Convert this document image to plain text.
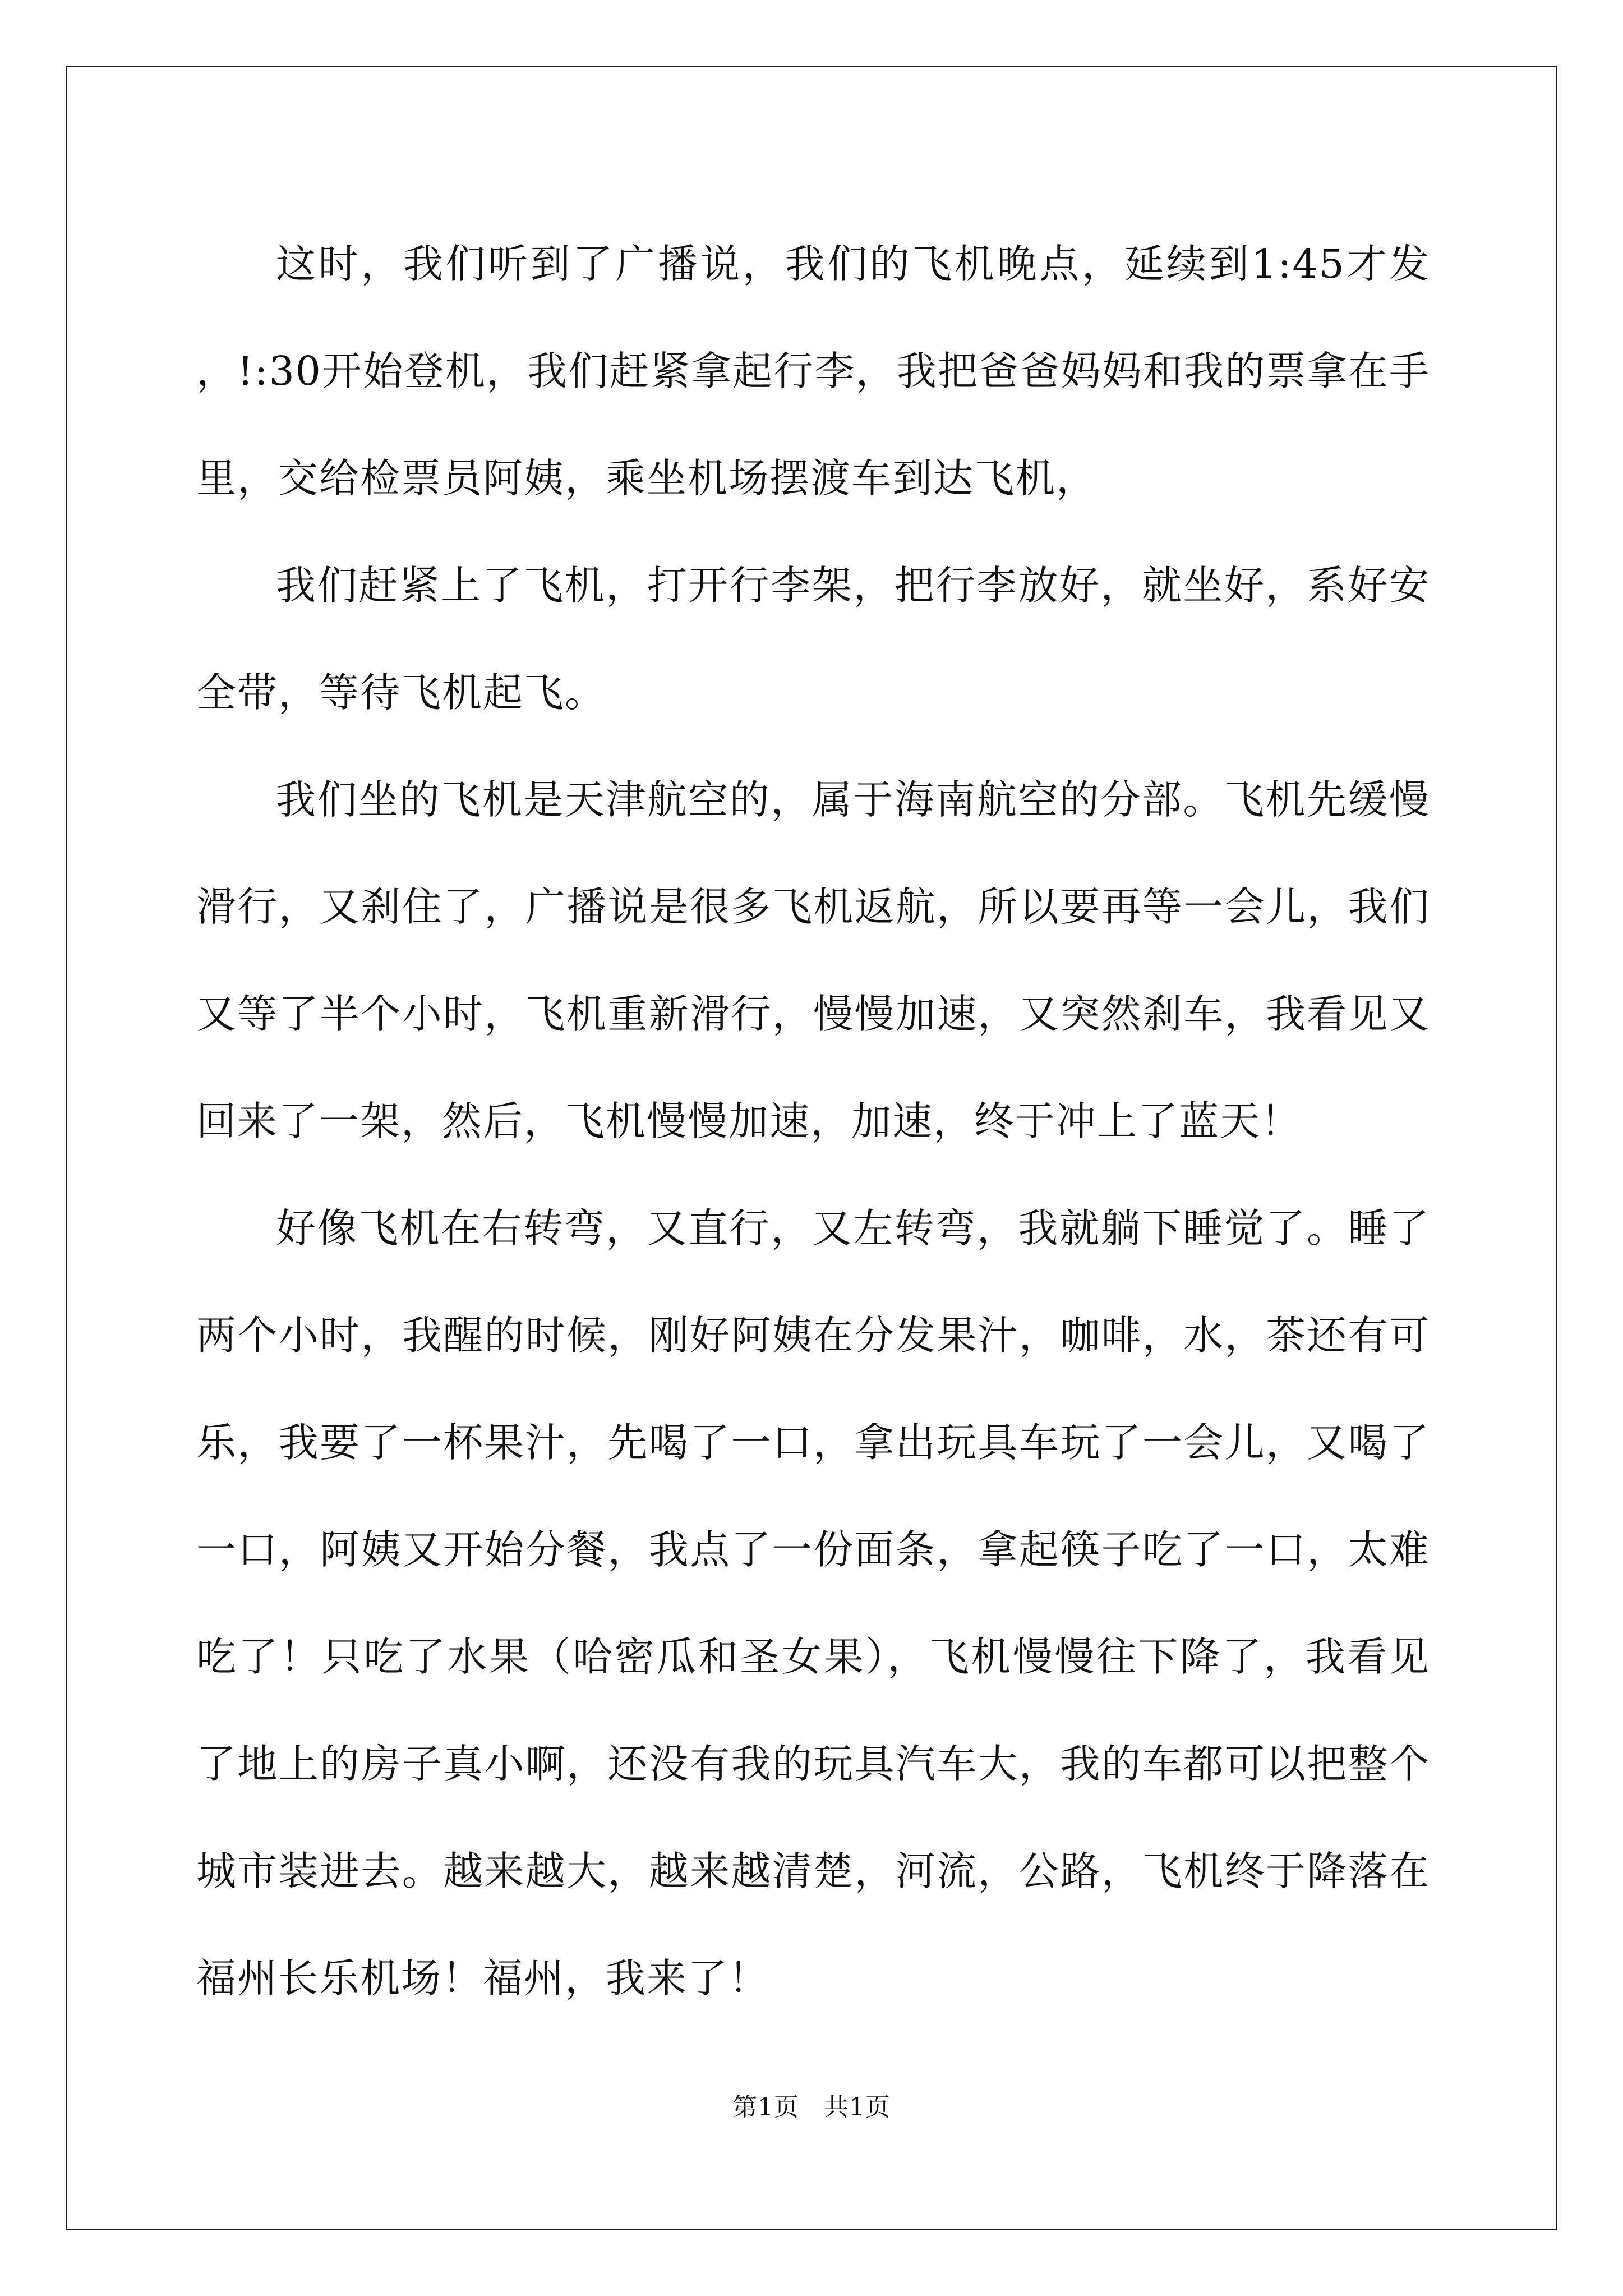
这时，我们听到了广播说，我们的飞机晚点，延续到1:45才发，!:30开始登机，我们赶紧拿起行李，我把爸爸妈妈和我的票拿在手里，交给检票员阿姨，乘坐机场摆渡车到达飞机，

我们赶紧上了飞机，打开行李架，把行李放好，就坐好，系好安全带，等待飞机起飞。

我们坐的飞机是天津航空的，属于海南航空的分部。飞机先缓慢滑行，又刹住了，广播说是很多飞机返航，所以要再等一会儿，我们又等了半个小时，飞机重新滑行，慢慢加速，又突然刹车，我看见又回来了一架，然后，飞机慢慢加速，加速，终于冲上了蓝天！

好像飞机在右转弯，又直行，又左转弯，我就躺下睡觉了。睡了两个小时，我醒的时候，刚好阿姨在分发果汁，咖啡，水，茶还有可乐，我要了一杯果汁，先喝了一口，拿出玩具车玩了一会儿，又喝了一口，阿姨又开始分餐，我点了一份面条，拿起筷子吃了一口，太难吃了！只吃了水果（哈密瓜和圣女果），飞机慢慢往下降了，我看见了地上的房子真小啊，还没有我的玩具汽车大，我的车都可以把整个城市装进去。越来越大，越来越清楚，河流，公路，飞机终于降落在福州长乐机场！福州，我来了！

第1页 共1页
